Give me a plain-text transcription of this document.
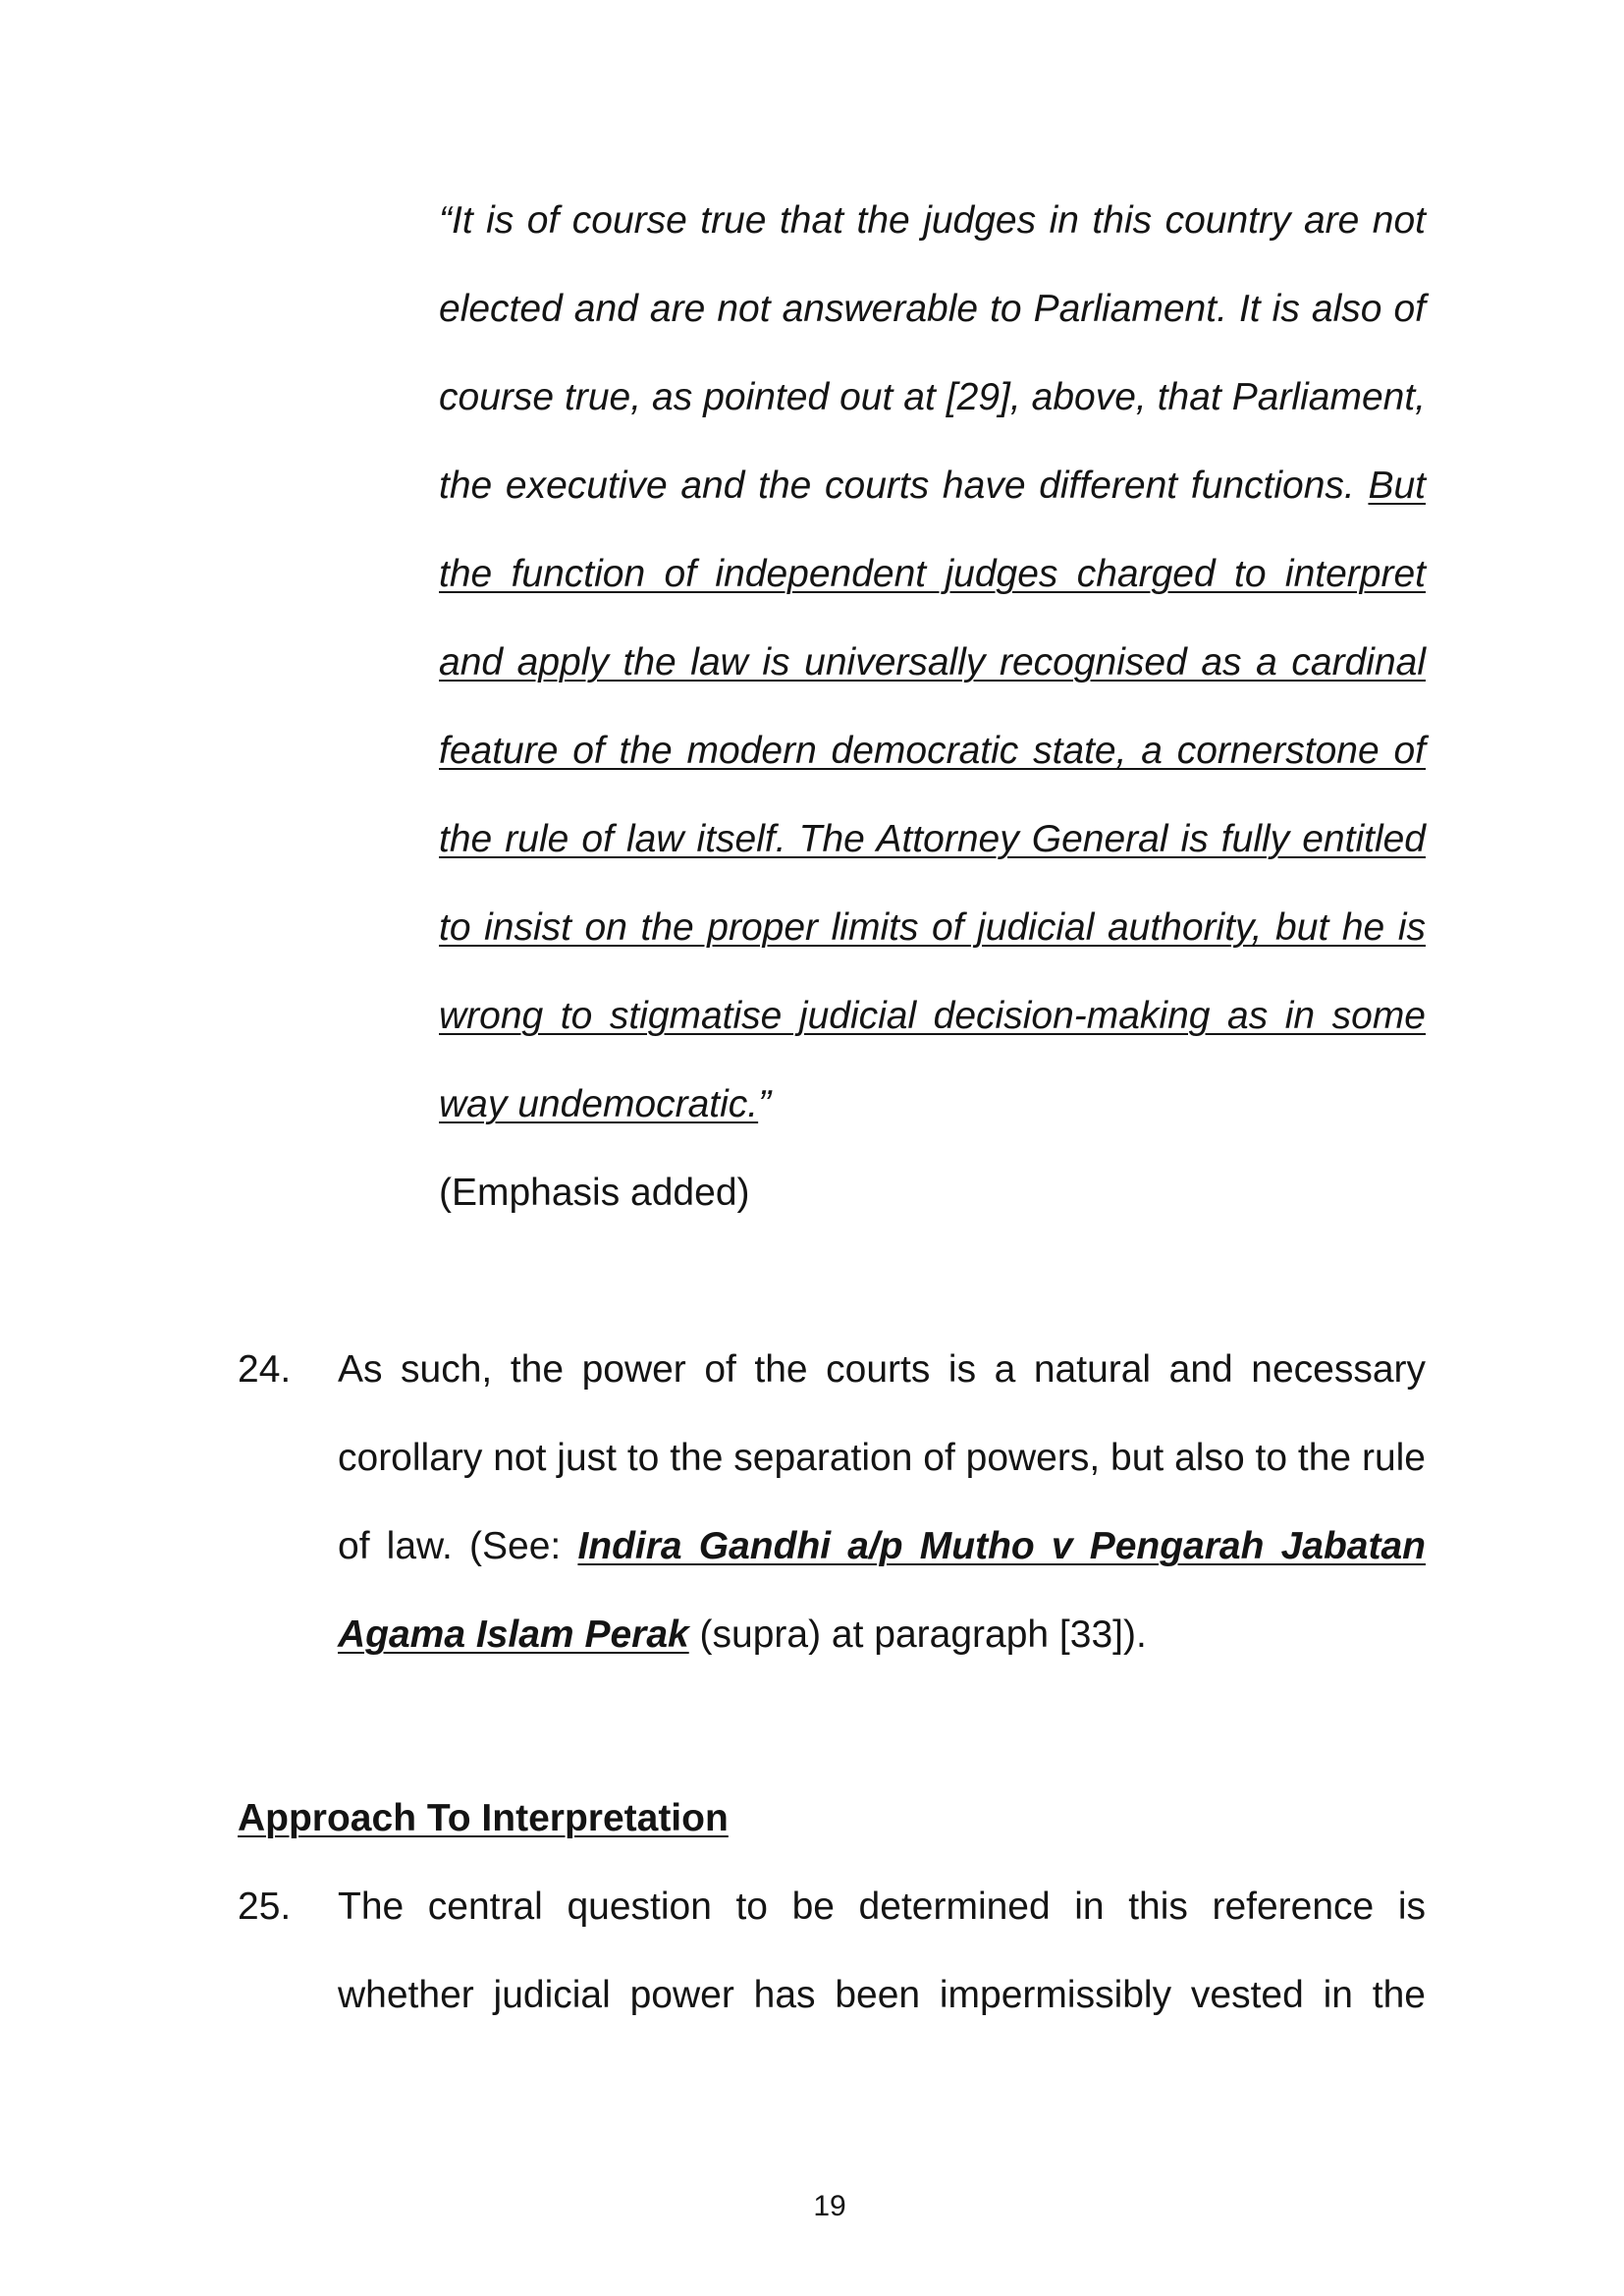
“It is of course true that the judges in this country are not
elected and are not answerable to Parliament. It is also of
course true, as pointed out at [29], above, that Parliament,
the executive and the courts have different functions. But
the function of independent judges charged to interpret
and apply the law is universally recognised as a cardinal
feature of the modern democratic state, a cornerstone of
the rule of law itself. The Attorney General is fully entitled
to insist on the proper limits of judicial authority, but he is
wrong to stigmatise judicial decision-making as in some
way undemocratic.”
(Emphasis added)
24. As such, the power of the courts is a natural and necessary
corollary not just to the separation of powers, but also to the rule
of law. (See: Indira Gandhi a/p Mutho v Pengarah Jabatan
Agama Islam Perak (supra) at paragraph [33]).
Approach To Interpretation
25. The central question to be determined in this reference is
whether judicial power has been impermissibly vested in the
19
